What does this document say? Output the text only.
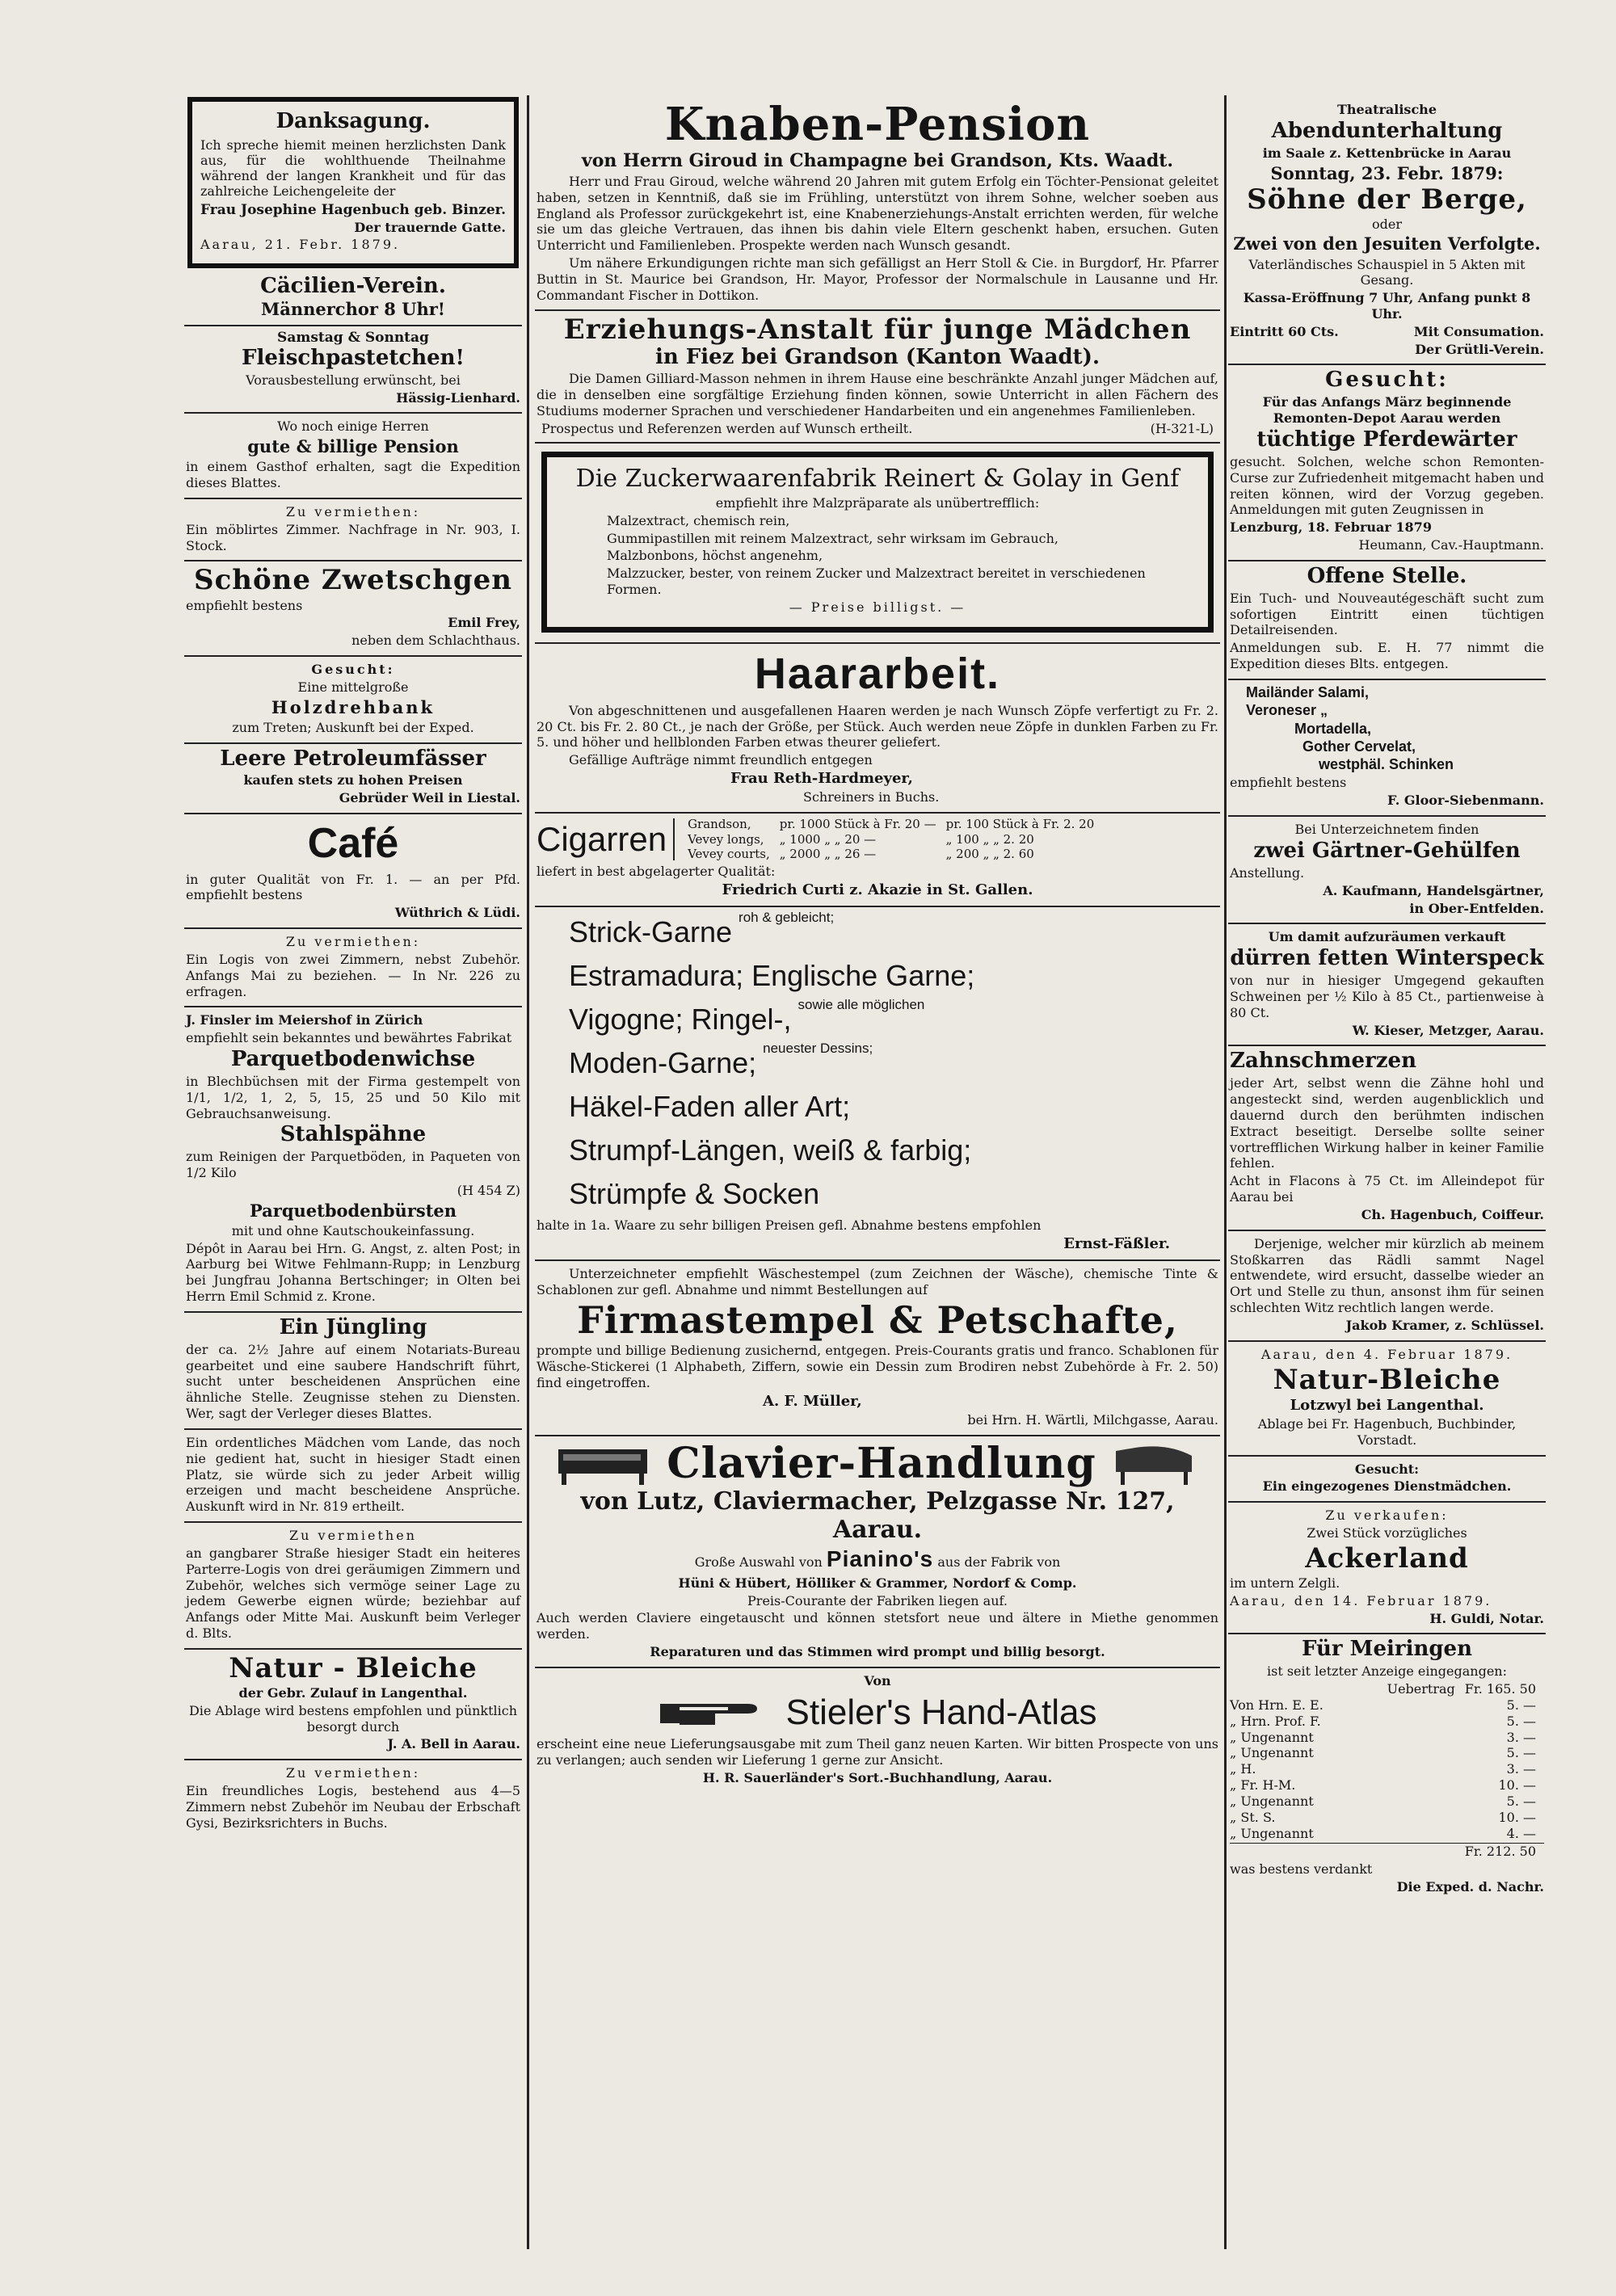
Danksagung.

Ich spreche hiemit meinen herzlichsten Dank aus, für die wohlthuende Theilnahme während der langen Krankheit und für das zahlreiche Leichengeleite der

Frau Josephine Hagenbuch geb. Binzer.

Der trauernde Gatte.

Aarau, 21. Febr. 1879.

Cäcilien-Verein.
Männerchor 8 Uhr!
Samstag & Sonntag
Fleischpastetchen!

Vorausbestellung erwünscht, bei

Hässig-Lienhard.

Wo noch einige Herren

gute & billige Pension

in einem Gasthof erhalten, sagt die Expedition dieses Blattes.

Zu vermiethen:

Ein möblirtes Zimmer. Nachfrage in Nr. 903, I. Stock.

Schöne Zwetschgen

empfiehlt bestens

Emil Frey,

neben dem Schlachthaus.

Gesucht:

Eine mittelgroße

Holzdrehbank

zum Treten; Auskunft bei der Exped.

Leere Petroleumfässer

kaufen stets zu hohen Preisen

Gebrüder Weil in Liestal.

Café

in guter Qualität von Fr. 1. — an per Pfd. empfiehlt bestens

Wüthrich & Lüdi.

Zu vermiethen:

Ein Logis von zwei Zimmern, nebst Zubehör. Anfangs Mai zu beziehen. — In Nr. 226 zu erfragen.

J. Finsler im Meiershof in Zürich

empfiehlt sein bekanntes und bewährtes Fabrikat

Parquetbodenwichse

in Blechbüchsen mit der Firma gestempelt von 1/1, 1/2, 1, 2, 5, 15, 25 und 50 Kilo mit Gebrauchsanweisung.

Stahlspähne

zum Reinigen der Parquetböden, in Paqueten von 1/2 Kilo

(H 454 Z)

Parquetbodenbürsten

mit und ohne Kautschoukeinfassung.

Dépôt in Aarau bei Hrn. G. Angst, z. alten Post; in Aarburg bei Witwe Fehlmann-Rupp; in Lenzburg bei Jungfrau Johanna Bertschinger; in Olten bei Herrn Emil Schmid z. Krone.

Ein Jüngling

der ca. 2½ Jahre auf einem Notariats-Bureau gearbeitet und eine saubere Handschrift führt, sucht unter bescheidenen Ansprüchen eine ähnliche Stelle. Zeugnisse stehen zu Diensten. Wer, sagt der Verleger dieses Blattes.

Ein ordentliches Mädchen vom Lande, das noch nie gedient hat, sucht in hiesiger Stadt einen Platz, sie würde sich zu jeder Arbeit willig erzeigen und macht bescheidene Ansprüche. Auskunft wird in Nr. 819 ertheilt.

Zu vermiethen

an gangbarer Straße hiesiger Stadt ein heiteres Parterre-Logis von drei geräumigen Zimmern und Zubehör, welches sich vermöge seiner Lage zu jedem Gewerbe eignen würde; beziehbar auf Anfangs oder Mitte Mai. Auskunft beim Verleger d. Blts.

Natur - Bleiche

der Gebr. Zulauf in Langenthal.

Die Ablage wird bestens empfohlen und pünktlich besorgt durch

J. A. Bell in Aarau.

Zu vermiethen:

Ein freundliches Logis, bestehend aus 4—5 Zimmern nebst Zubehör im Neubau der Erbschaft Gysi, Bezirksrichters in Buchs.

Knaben-Pension
von Herrn Giroud in Champagne bei Grandson, Kts. Waadt.

Herr und Frau Giroud, welche während 20 Jahren mit gutem Erfolg ein Töchter-Pensionat geleitet haben, setzen in Kenntniß, daß sie im Frühling, unterstützt von ihrem Sohne, welcher soeben aus England als Professor zurückgekehrt ist, eine Knabenerziehungs-Anstalt errichten werden, für welche sie um das gleiche Vertrauen, das ihnen bis dahin viele Eltern geschenkt haben, ersuchen. Guten Unterricht und Familienleben. Prospekte werden nach Wunsch gesandt.

Um nähere Erkundigungen richte man sich gefälligst an Herr Stoll & Cie. in Burgdorf, Hr. Pfarrer Buttin in St. Maurice bei Grandson, Hr. Mayor, Professor der Normalschule in Lausanne und Hr. Commandant Fischer in Dottikon.

Erziehungs-Anstalt für junge Mädchen
in Fiez bei Grandson (Kanton Waadt).

Die Damen Gilliard-Masson nehmen in ihrem Hause eine beschränkte Anzahl junger Mädchen auf, die in denselben eine sorgfältige Erziehung finden können, sowie Unterricht in allen Fächern des Studiums moderner Sprachen und verschiedener Handarbeiten und ein angenehmes Familienleben.

Prospectus und Referenzen werden auf Wunsch ertheilt.	(H-321-L)
Die Zuckerwaarenfabrik Reinert & Golay in Genf

empfiehlt ihre Malzpräparate als unübertrefflich:

Malzextract, chemisch rein,

Gummipastillen mit reinem Malzextract, sehr wirksam im Gebrauch,

Malzbonbons, höchst angenehm,

Malzzucker, bester, von reinem Zucker und Malzextract bereitet in verschiedenen Formen.

— Preise billigst. —

Haararbeit.

Von abgeschnittenen und ausgefallenen Haaren werden je nach Wunsch Zöpfe verfertigt zu Fr. 2. 20 Ct. bis Fr. 2. 80 Ct., je nach der Größe, per Stück. Auch werden neue Zöpfe in dunklen Farben zu Fr. 5. und höher und hellblonden Farben etwas theurer geliefert.

Gefällige Aufträge nimmt freundlich entgegen

Frau Reth-Hardmeyer,

Schreiners in Buchs.

Cigarren	Grandson,	pr. 1000 Stück à Fr. 20 —	pr. 100 Stück à Fr. 2. 20
Vevey longs,	„ 1000 „ „ 20 —	„ 100 „ „ 2. 20
Vevey courts,	„ 2000 „ „ 26 —	„ 200 „ „ 2. 60

liefert in best abgelagerter Qualität:

Friedrich Curti z. Akazie in St. Gallen.

Strick-Garne roh & gebleicht;
Estramadura; Englische Garne;
Vigogne; Ringel-, sowie alle möglichen
Moden-Garne; neuester Dessins;
Häkel-Faden aller Art;
Strumpf-Längen, weiß & farbig;
Strümpfe & Socken

halte in 1a. Waare zu sehr billigen Preisen gefl. Abnahme bestens empfohlen

Ernst-Fäßler.

Unterzeichneter empfiehlt Wäschestempel (zum Zeichnen der Wäsche), chemische Tinte & Schablonen zur gefl. Abnahme und nimmt Bestellungen auf

Firmastempel & Petschafte,

prompte und billige Bedienung zusichernd, entgegen. Preis-Courants gratis und franco. Schablonen für Wäsche-Stickerei (1 Alphabeth, Ziffern, sowie ein Dessin zum Brodiren nebst Zubehörde à Fr. 2. 50) find eingetroffen.

A. F. Müller,

bei Hrn. H. Wärtli, Milchgasse, Aarau.

Clavier-Handlung
von Lutz, Claviermacher, Pelzgasse Nr. 127, Aarau.

Große Auswahl von Pianino's aus der Fabrik von

Hüni & Hübert, Hölliker & Grammer, Nordorf & Comp.

Preis-Courante der Fabriken liegen auf.

Auch werden Claviere eingetauscht und können stetsfort neue und ältere in Miethe genommen werden.

Reparaturen und das Stimmen wird prompt und billig besorgt.

Von

Stieler's Hand-Atlas

erscheint eine neue Lieferungsausgabe mit zum Theil ganz neuen Karten. Wir bitten Prospecte von uns zu verlangen; auch senden wir Lieferung 1 gerne zur Ansicht.

H. R. Sauerländer's Sort.-Buchhandlung, Aarau.

Theatralische

Abendunterhaltung

im Saale z. Kettenbrücke in Aarau

Sonntag, 23. Febr. 1879:
Söhne der Berge,

oder

Zwei von den Jesuiten Verfolgte.

Vaterländisches Schauspiel in 5 Akten mit Gesang.

Kassa-Eröffnung 7 Uhr, Anfang punkt 8 Uhr.

Eintritt 60 Cts.	Mit Consumation.

Der Grütli-Verein.

Gesucht:

Für das Anfangs März beginnende Remonten-Depot Aarau werden

tüchtige Pferdewärter

gesucht. Solchen, welche schon Remonten-Curse zur Zufriedenheit mitgemacht haben und reiten können, wird der Vorzug gegeben. Anmeldungen mit guten Zeugnissen in

Lenzburg, 18. Februar 1879

Heumann, Cav.-Hauptmann.

Offene Stelle.

Ein Tuch- und Nouveautégeschäft sucht zum sofortigen Eintritt einen tüchtigen Detailreisenden.

Anmeldungen sub. E. H. 77 nimmt die Expedition dieses Blts. entgegen.

Mailänder Salami,
Veroneser „
Mortadella,
Gother Cervelat,
westphäl. Schinken

empfiehlt bestens

F. Gloor-Siebenmann.

Bei Unterzeichnetem finden

zwei Gärtner-Gehülfen

Anstellung.

A. Kaufmann, Handelsgärtner,

in Ober-Entfelden.

Um damit aufzuräumen verkauft

dürren fetten Winterspeck

von nur in hiesiger Umgegend gekauften Schweinen per ½ Kilo à 85 Ct., partienweise à 80 Ct.

W. Kieser, Metzger, Aarau.

Zahnschmerzen

jeder Art, selbst wenn die Zähne hohl und angesteckt sind, werden augenblicklich und dauernd durch den berühmten indischen Extract beseitigt. Derselbe sollte seiner vortrefflichen Wirkung halber in keiner Familie fehlen.

Acht in Flacons à 75 Ct. im Alleindepot für Aarau bei

Ch. Hagenbuch, Coiffeur.

Derjenige, welcher mir kürzlich ab meinem Stoßkarren das Rädli sammt Nagel entwendete, wird ersucht, dasselbe wieder an Ort und Stelle zu thun, ansonst ihm für seinen schlechten Witz rechtlich langen werde.

Jakob Kramer, z. Schlüssel.

Aarau, den 4. Februar 1879.

Natur-Bleiche

Lotzwyl bei Langenthal.

Ablage bei Fr. Hagenbuch, Buchbinder, Vorstadt.

Gesucht:

Ein eingezogenes Dienstmädchen.

Zu verkaufen:

Zwei Stück vorzügliches

Ackerland

im untern Zelgli.

Aarau, den 14. Februar 1879.

H. Guldi, Notar.

Für Meiringen

ist seit letzter Anzeige eingegangen:

Uebertrag Fr. 165. 50
Von Hrn. E. E.	5. —
„ Hrn. Prof. F.	5. —
„ Ungenannt	3. —
„ Ungenannt	5. —
„ H.	3. —
„ Fr. H-M.	10. —
„ Ungenannt	5. —
„ St. S.	10. —
„ Ungenannt	4. —
Fr. 212. 50

was bestens verdankt

Die Exped. d. Nachr.
